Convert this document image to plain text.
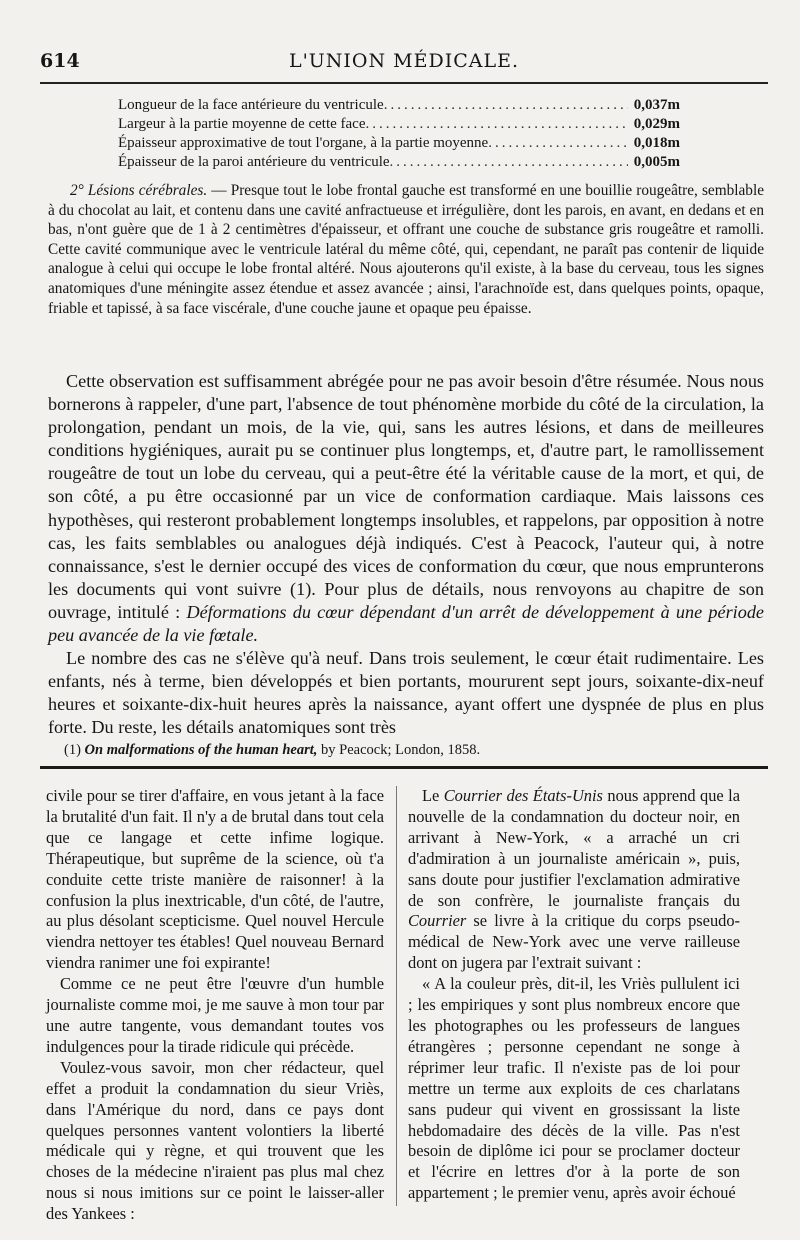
614	L'UNION MÉDICALE.
Longueur de la face antérieure du ventricule .....	0,037m
Largeur à la partie moyenne de cette face .....	0,029m
Épaisseur approximative de tout l'organe, à la partie moyenne .....	0,018m
Épaisseur de la paroi antérieure du ventricule .....	0,005m

2° Lésions cérébrales. — Presque tout le lobe frontal gauche est transformé en une bouillie rougeâtre, semblable à du chocolat au lait, et contenu dans une cavité anfractueuse et irrégulière, dont les parois, en avant, en dedans et en bas, n'ont guère que de 1 à 2 centimètres d'épaisseur, et offrant une couche de substance gris rougeâtre et ramolli. Cette cavité communique avec le ventricule latéral du même côté, qui, cependant, ne paraît pas contenir de liquide analogue à celui qui occupe le lobe frontal altéré. Nous ajouterons qu'il existe, à la base du cerveau, tous les signes anatomiques d'une méningite assez étendue et assez avancée ; ainsi, l'arachnoïde est, dans quelques points, opaque, friable et tapissé, à sa face viscérale, d'une couche jaune et opaque peu épaisse.

Cette observation est suffisamment abrégée pour ne pas avoir besoin d'être résumée. Nous nous bornerons à rappeler, d'une part, l'absence de tout phénomène morbide du côté de la circulation, la prolongation, pendant un mois, de la vie, qui, sans les autres lésions, et dans de meilleures conditions hygiéniques, aurait pu se continuer plus longtemps, et, d'autre part, le ramollissement rougeâtre de tout un lobe du cerveau, qui a peut-être été la véritable cause de la mort, et qui, de son côté, a pu être occasionné par un vice de conformation cardiaque. Mais laissons ces hypothèses, qui resteront probablement longtemps insolubles, et rappelons, par opposition à notre cas, les faits semblables ou analogues déjà indiqués. C'est à Peacock, l'auteur qui, à notre connaissance, s'est le dernier occupé des vices de conformation du cœur, que nous emprunterons les documents qui vont suivre (1). Pour plus de détails, nous renvoyons au chapitre de son ouvrage, intitulé : Déformations du cœur dépendant d'un arrêt de développement à une période peu avancée de la vie fœtale.

Le nombre des cas ne s'élève qu'à neuf. Dans trois seulement, le cœur était rudimentaire. Les enfants, nés à terme, bien développés et bien portants, moururent sept jours, soixante-dix-neuf heures et soixante-dix-huit heures après la naissance, ayant offert une dyspnée de plus en plus forte. Du reste, les détails anatomiques sont très

(1) On malformations of the human heart, by Peacock; London, 1858.

civile pour se tirer d'affaire, en vous jetant à la face la brutalité d'un fait. Il n'y a de brutal dans tout cela que ce langage et cette infime logique. Thérapeutique, but suprême de la science, où t'a conduite cette triste manière de raisonner! à la confusion la plus inextricable, d'un côté, de l'autre, au plus désolant scepticisme. Quel nouvel Hercule viendra nettoyer tes étables! Quel nouveau Bernard viendra ranimer une foi expirante!

Comme ce ne peut être l'œuvre d'un humble journaliste comme moi, je me sauve à mon tour par une autre tangente, vous demandant toutes vos indulgences pour la tirade ridicule qui précède.

Voulez-vous savoir, mon cher rédacteur, quel effet a produit la condamnation du sieur Vriès, dans l'Amérique du nord, dans ce pays dont quelques personnes vantent volontiers la liberté médicale qui y règne, et qui trouvent que les choses de la médecine n'iraient pas plus mal chez nous si nous imitions sur ce point le laisser-aller des Yankees :

Le Courrier des États-Unis nous apprend que la nouvelle de la condamnation du docteur noir, en arrivant à New-York, « a arraché un cri d'admiration à un journaliste américain », puis, sans doute pour justifier l'exclamation admirative de son confrère, le journaliste français du Courrier se livre à la critique du corps pseudo-médical de New-York avec une verve railleuse dont on jugera par l'extrait suivant :

« A la couleur près, dit-il, les Vriès pullulent ici ; les empiriques y sont plus nombreux encore que les photographes ou les professeurs de langues étrangères ; personne cependant ne songe à réprimer leur trafic. Il n'existe pas de loi pour mettre un terme aux exploits de ces charlatans sans pudeur qui vivent en grossissant la liste hebdomadaire des décès de la ville. Pas n'est besoin de diplôme ici pour se proclamer docteur et l'écrire en lettres d'or à la porte de son appartement ; le premier venu, après avoir échoué
